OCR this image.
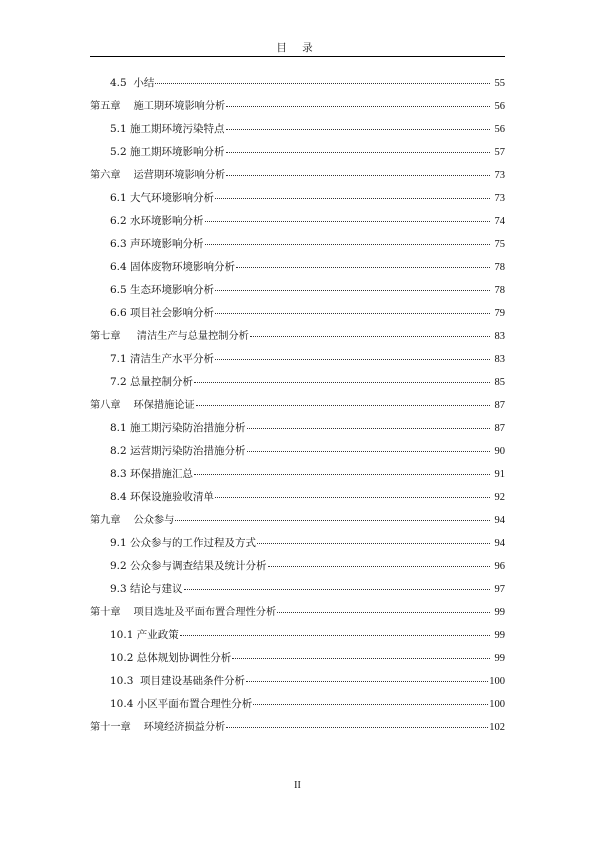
目 录
4.5  小结	55
第五章    施工期环境影响分析	56
5.1 施工期环境污染特点	56
5.2 施工期环境影响分析	57
第六章    运营期环境影响分析	73
6.1 大气环境影响分析	73
6.2 水环境影响分析	74
6.3 声环境影响分析	75
6.4 固体废物环境影响分析	78
6.5 生态环境影响分析	78
6.6 项目社会影响分析	79
第七章     清洁生产与总量控制分析	83
7.1 清洁生产水平分析	83
7.2 总量控制分析	85
第八章    环保措施论证	87
8.1 施工期污染防治措施分析	87
8.2 运营期污染防治措施分析	90
8.3 环保措施汇总	91
8.4 环保设施验收清单	92
第九章    公众参与	94
9.1 公众参与的工作过程及方式	94
9.2 公众参与调查结果及统计分析	96
9.3 结论与建议	97
第十章    项目选址及平面布置合理性分析	99
10.1 产业政策	99
10.2 总体规划协调性分析	99
10.3  项目建设基础条件分析	100
10.4 小区平面布置合理性分析	100
第十一章    环境经济损益分析	102
II
